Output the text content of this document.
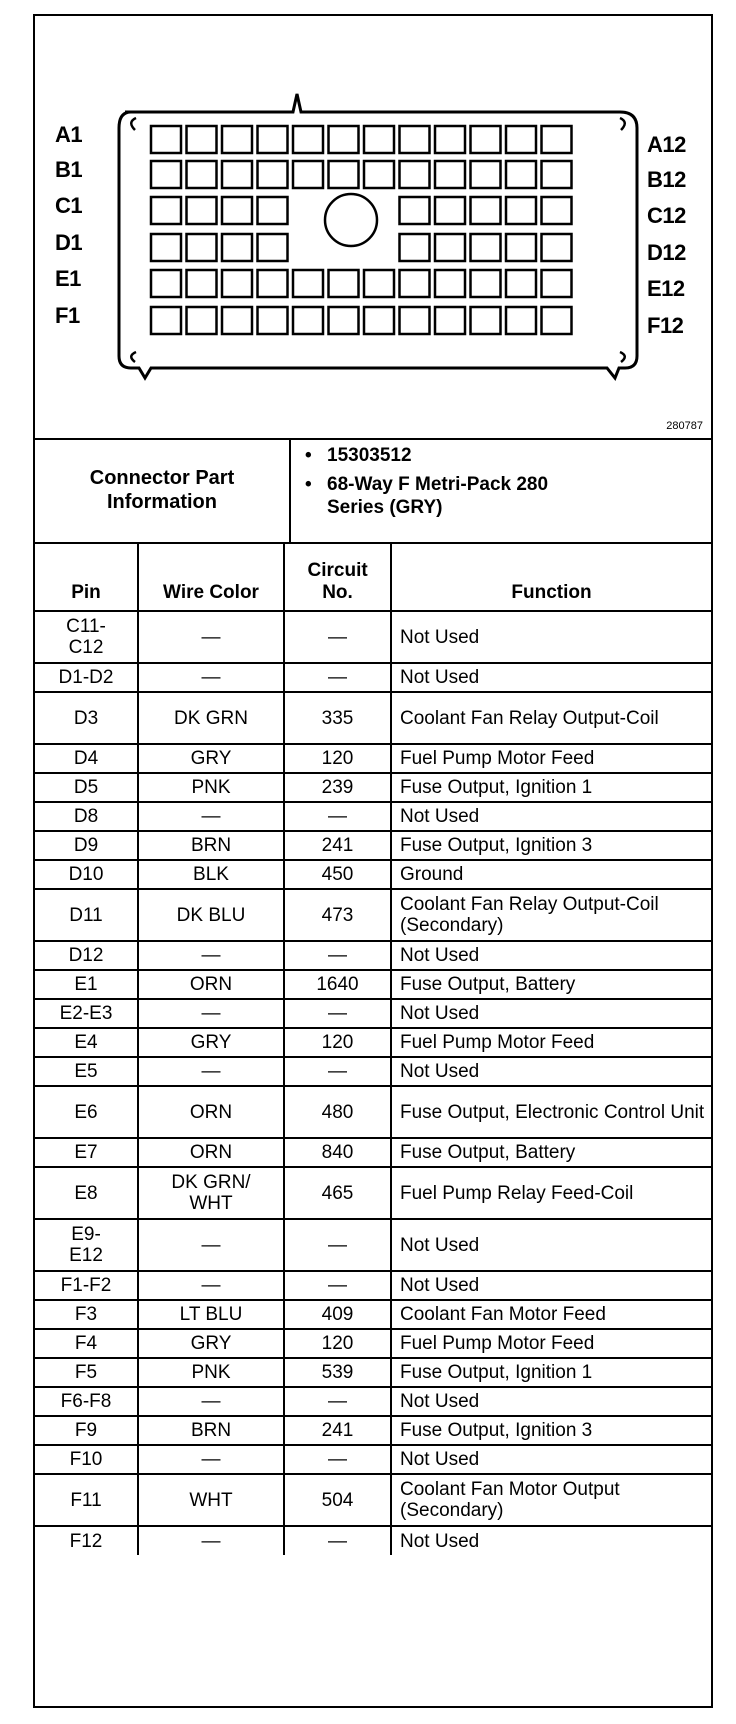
A1
B1
C1
D1
E1
F1
A12
B12
C12
D12
E12
F12
280787
Connector Part Information
• 15303512
• 68-Way F Metri-Pack 280 Series (GRY)
Pin	Wire Color	Circuit No.	Function

C11-C12	—	—	Not Used
D1-D2	—	—	Not Used
D3	DK GRN	335	Coolant Fan Relay Output-Coil
D4	GRY	120	Fuel Pump Motor Feed
D5	PNK	239	Fuse Output, Ignition 1
D8	—	—	Not Used
D9	BRN	241	Fuse Output, Ignition 3
D10	BLK	450	Ground
D11	DK BLU	473	Coolant Fan Relay Output-Coil (Secondary)
D12	—	—	Not Used
E1	ORN	1640	Fuse Output, Battery
E2-E3	—	—	Not Used
E4	GRY	120	Fuel Pump Motor Feed
E5	—	—	Not Used
E6	ORN	480	Fuse Output, Electronic Control Unit
E7	ORN	840	Fuse Output, Battery
E8	DK GRN/ WHT	465	Fuel Pump Relay Feed-Coil

E9-E12	—	—	Not Used
F1-F2	—	—	Not Used
F3	LT BLU	409	Coolant Fan Motor Feed
F4	GRY	120	Fuel Pump Motor Feed
F5	PNK	539	Fuse Output, Ignition 1
F6-F8	—	—	Not Used
F9	BRN	241	Fuse Output, Ignition 3
F10	—	—	Not Used
F11	WHT	504	Coolant Fan Motor Output (Secondary)
F12	—	—	Not Used
